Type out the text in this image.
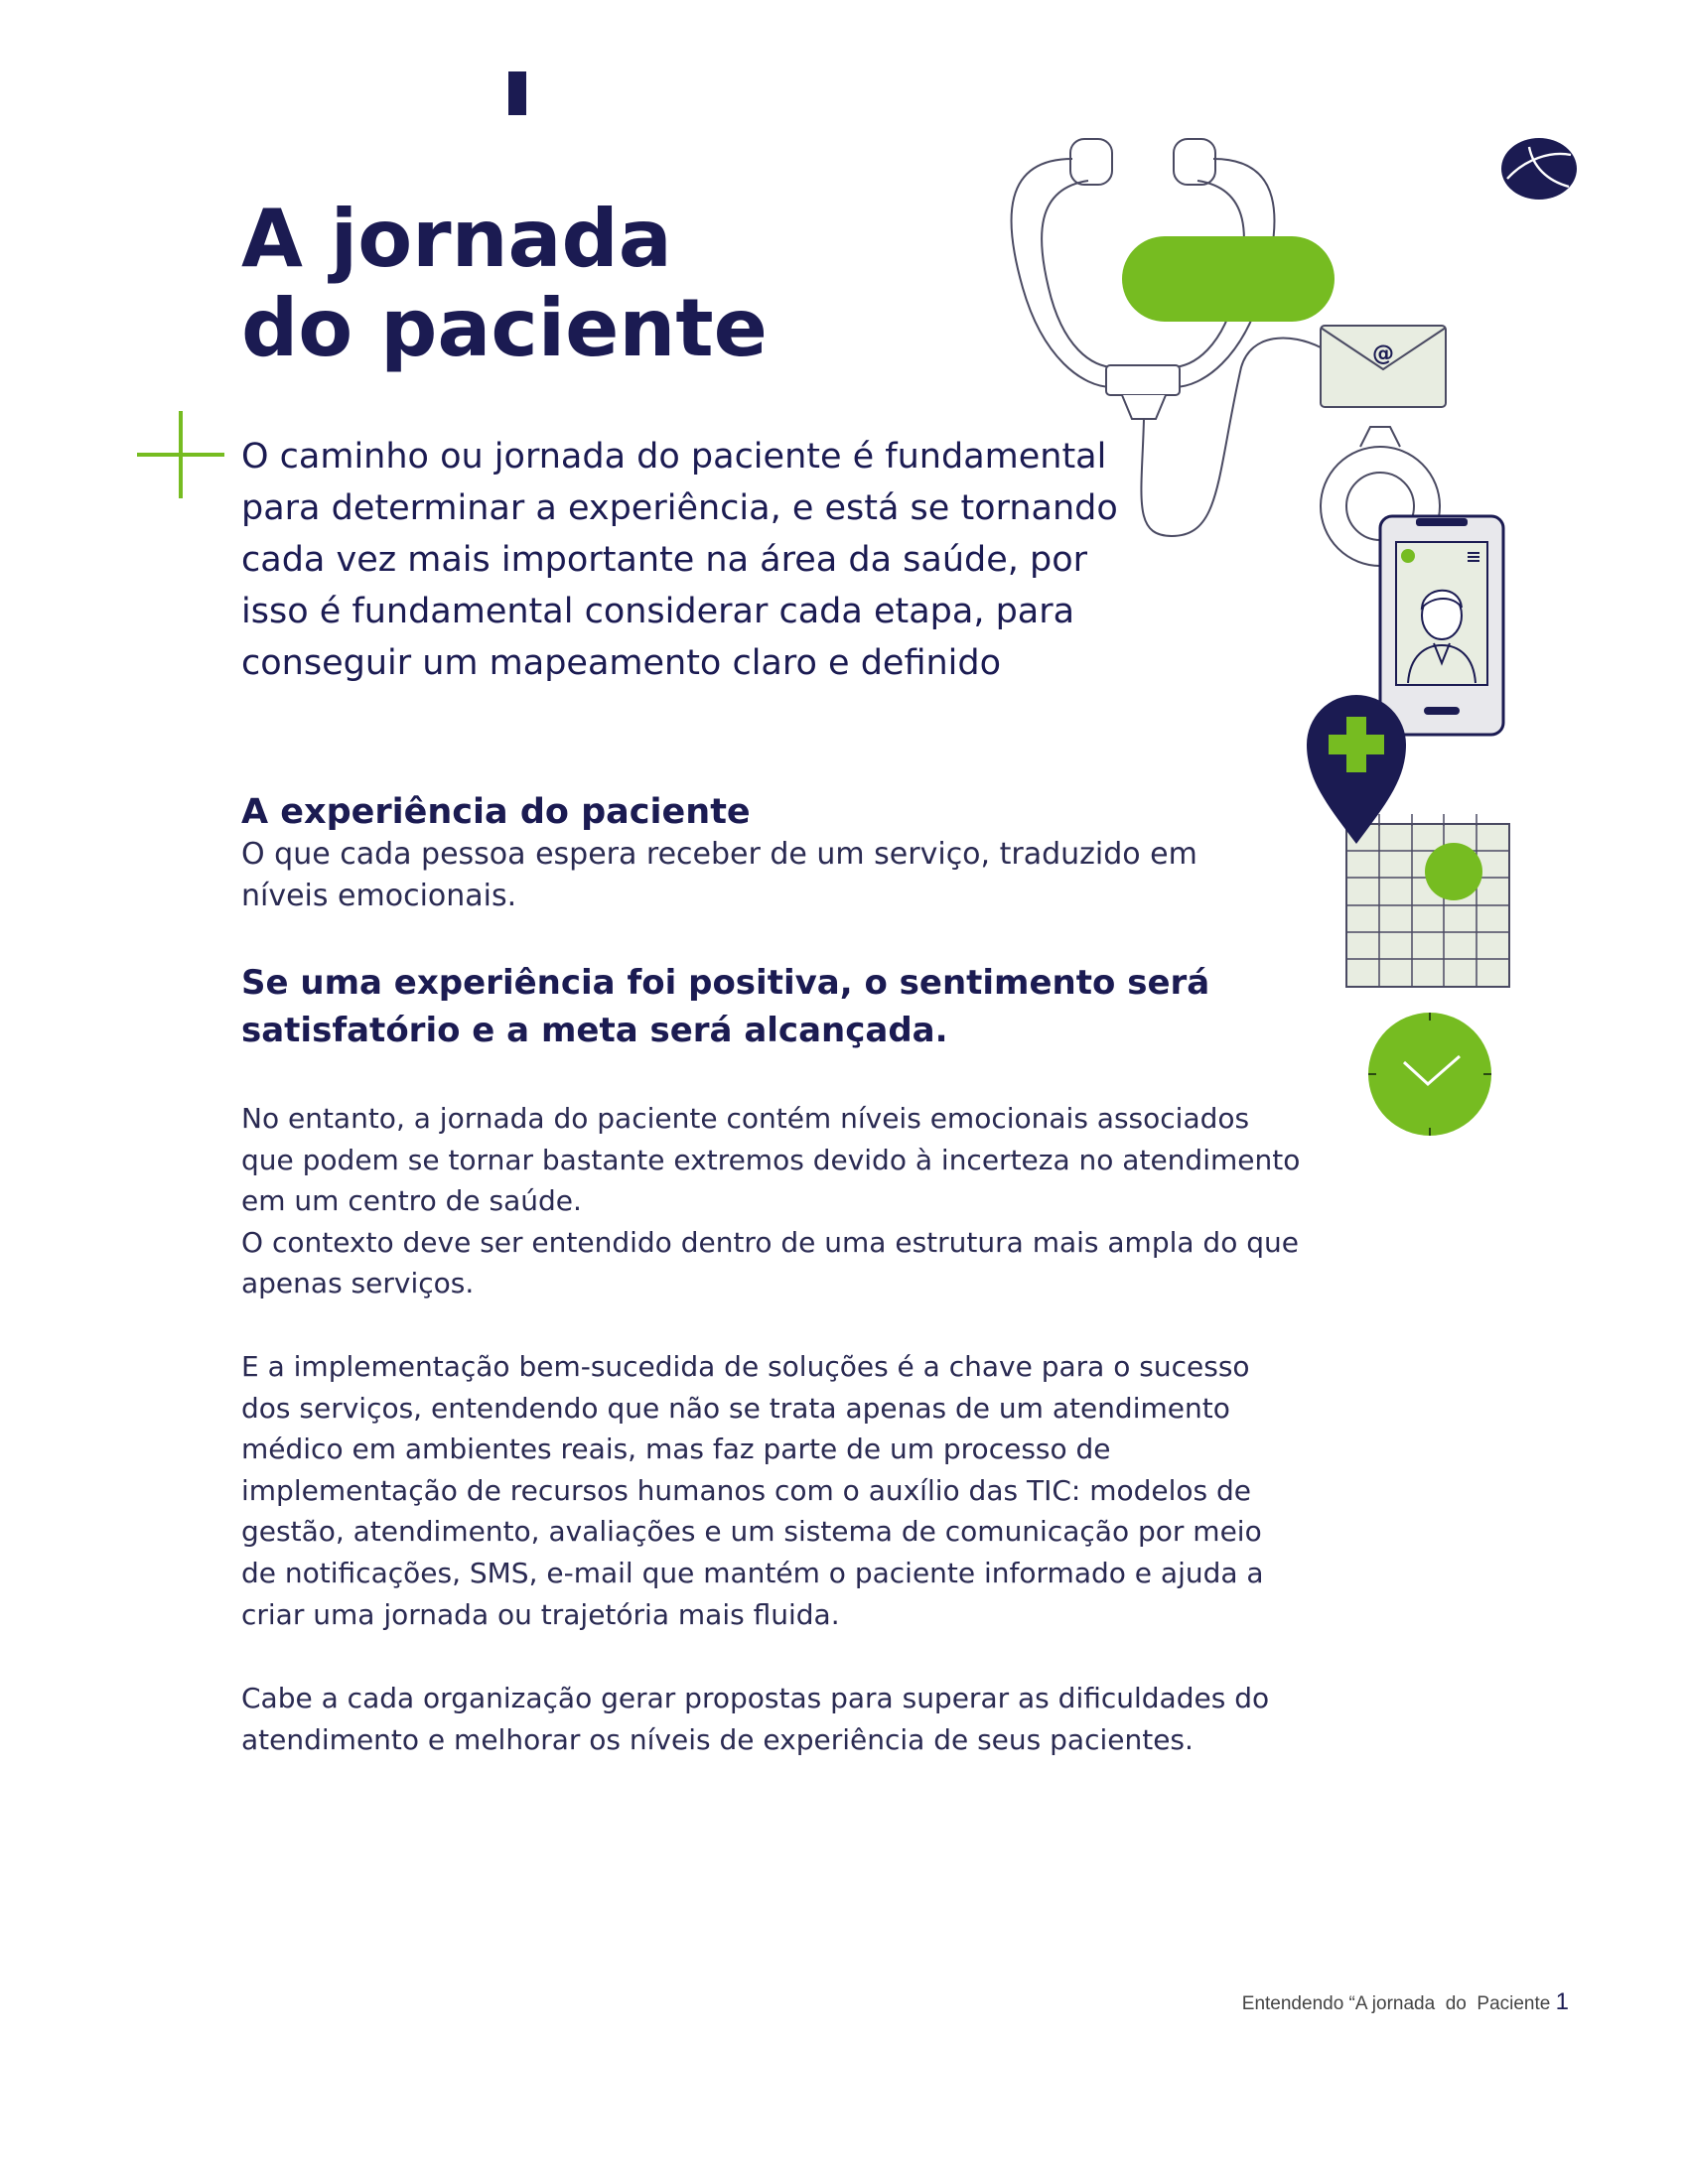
A jornada
do paciente

O caminho ou jornada do paciente é fundamental para determinar a experiência, e está se tornando cada vez mais importante na área da saúde, por isso é fundamental considerar cada etapa, para conseguir um mapeamento claro e definido

A experiência do paciente

O que cada pessoa espera receber de um serviço, traduzido em níveis emocionais.

Se uma experiência foi positiva, o sentimento será satisfatório e a meta será alcançada.

No entanto, a jornada do paciente contém níveis emocionais associados que podem se tornar bastante extremos devido à incerteza no atendimento em um centro de saúde.
O contexto deve ser entendido dentro de uma estrutura mais ampla do que apenas serviços.

E a implementação bem-sucedida de soluções é a chave para o sucesso dos serviços, entendendo que não se trata apenas de um atendimento médico em ambientes reais, mas faz parte de um processo de implementação de recursos humanos com o auxílio das TIC: modelos de gestão, atendimento, avaliações e um sistema de comunicação por meio de notificações, SMS, e-mail que mantém o paciente informado e ajuda a criar uma jornada ou trajetória mais fluida.

Cabe a cada organização gerar propostas para superar as dificuldades do atendimento e melhorar os níveis de experiência de seus pacientes.

@
Entendendo “A jornada  do  Paciente 1
